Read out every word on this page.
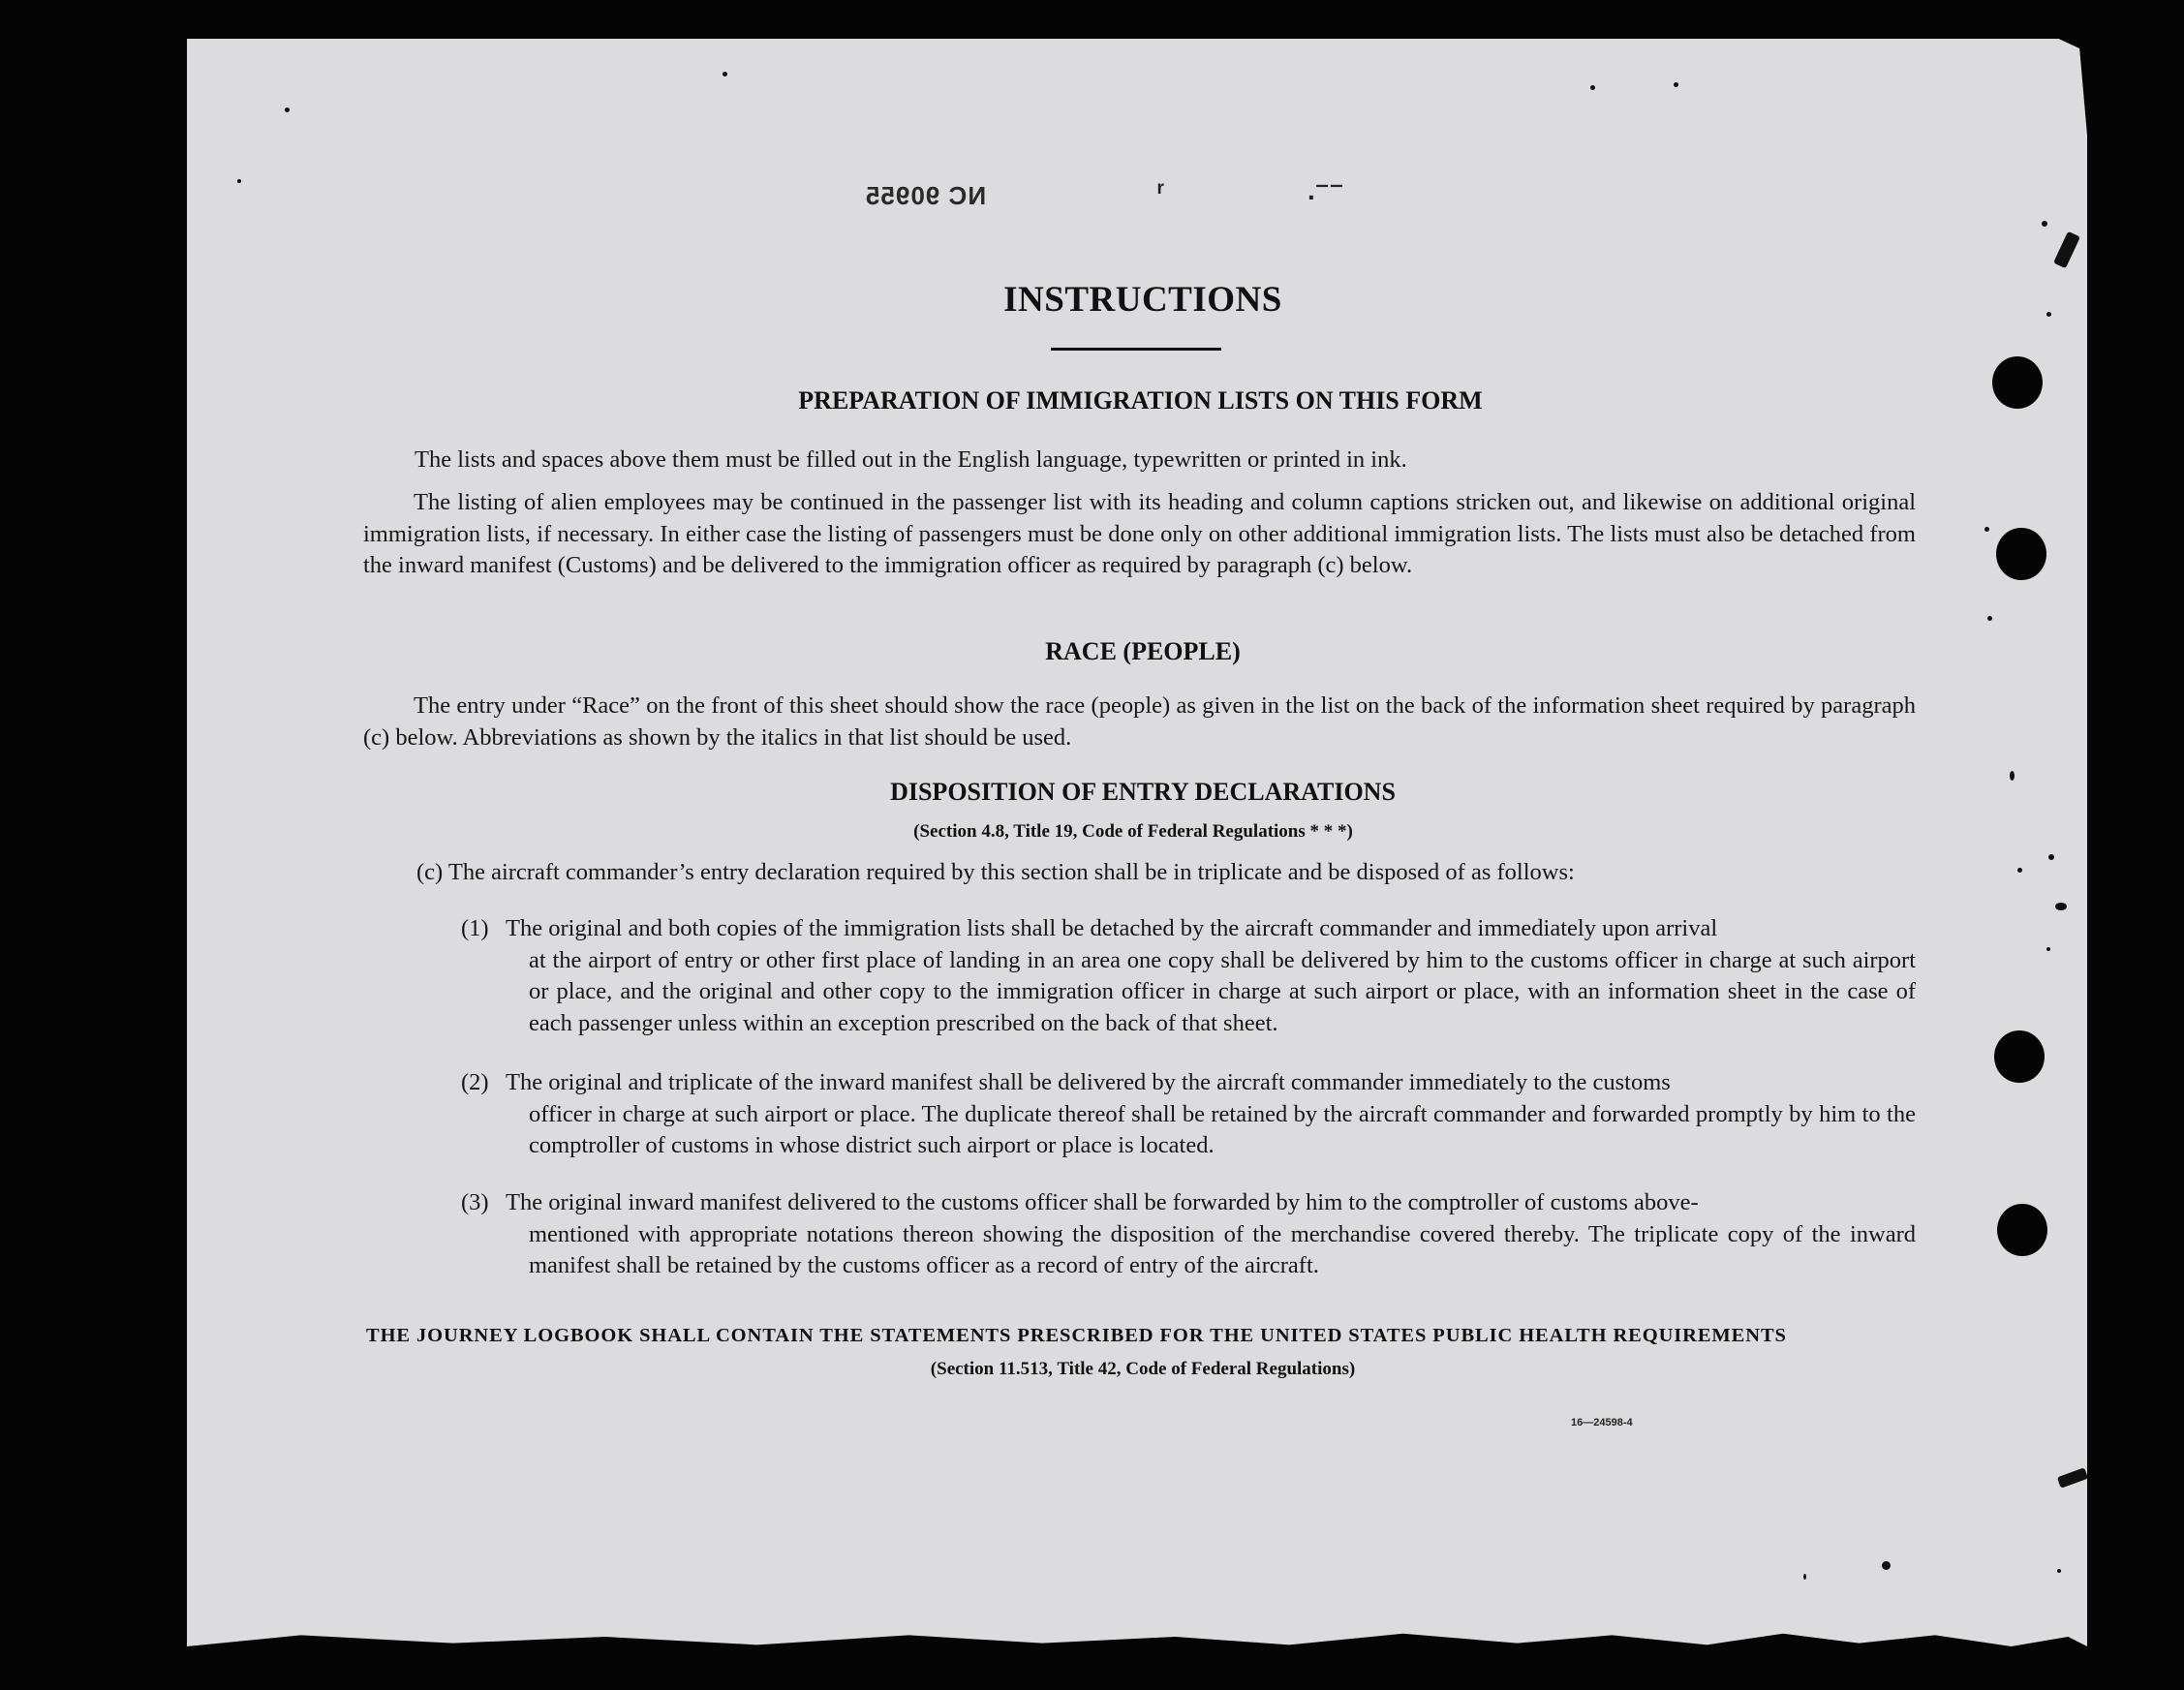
NC 90955	ʳ	.⁻⁻
INSTRUCTIONS
PREPARATION OF IMMIGRATION LISTS ON THIS FORM
The lists and spaces above them must be filled out in the English language, typewritten or printed in ink.
The listing of alien employees may be continued in the passenger list with its heading and column captions stricken out, and likewise on additional original immigration lists, if necessary. In either case the listing of passengers must be done only on other additional immigration lists. The lists must also be detached from the inward manifest (Customs) and be delivered to the immigration officer as required by paragraph (c) below.
RACE (PEOPLE)
The entry under “Race” on the front of this sheet should show the race (people) as given in the list on the back of the information sheet required by paragraph (c) below. Abbreviations as shown by the italics in that list should be used.
DISPOSITION OF ENTRY DECLARATIONS
(Section 4.8, Title 19, Code of Federal Regulations * * *)
(c) The aircraft commander’s entry declaration required by this section shall be in triplicate and be disposed of as follows:
(1) The original and both copies of the immigration lists shall be detached by the aircraft commander and immediately upon arrival
at the airport of entry or other first place of landing in an area one copy shall be delivered by him to the customs officer in charge at such airport or place, and the original and other copy to the immigration officer in charge at such airport or place, with an information sheet in the case of each passenger unless within an exception prescribed on the back of that sheet.
(2) The original and triplicate of the inward manifest shall be delivered by the aircraft commander immediately to the customs
officer in charge at such airport or place. The duplicate thereof shall be retained by the aircraft commander and forwarded promptly by him to the comptroller of customs in whose district such airport or place is located.
(3) The original inward manifest delivered to the customs officer shall be forwarded by him to the comptroller of customs above-
mentioned with appropriate notations thereon showing the disposition of the merchandise covered thereby. The triplicate copy of the inward manifest shall be retained by the customs officer as a record of entry of the aircraft.
THE JOURNEY LOGBOOK SHALL CONTAIN THE STATEMENTS PRESCRIBED FOR THE UNITED STATES PUBLIC HEALTH REQUIREMENTS
(Section 11.513, Title 42, Code of Federal Regulations)
16—24598-4
